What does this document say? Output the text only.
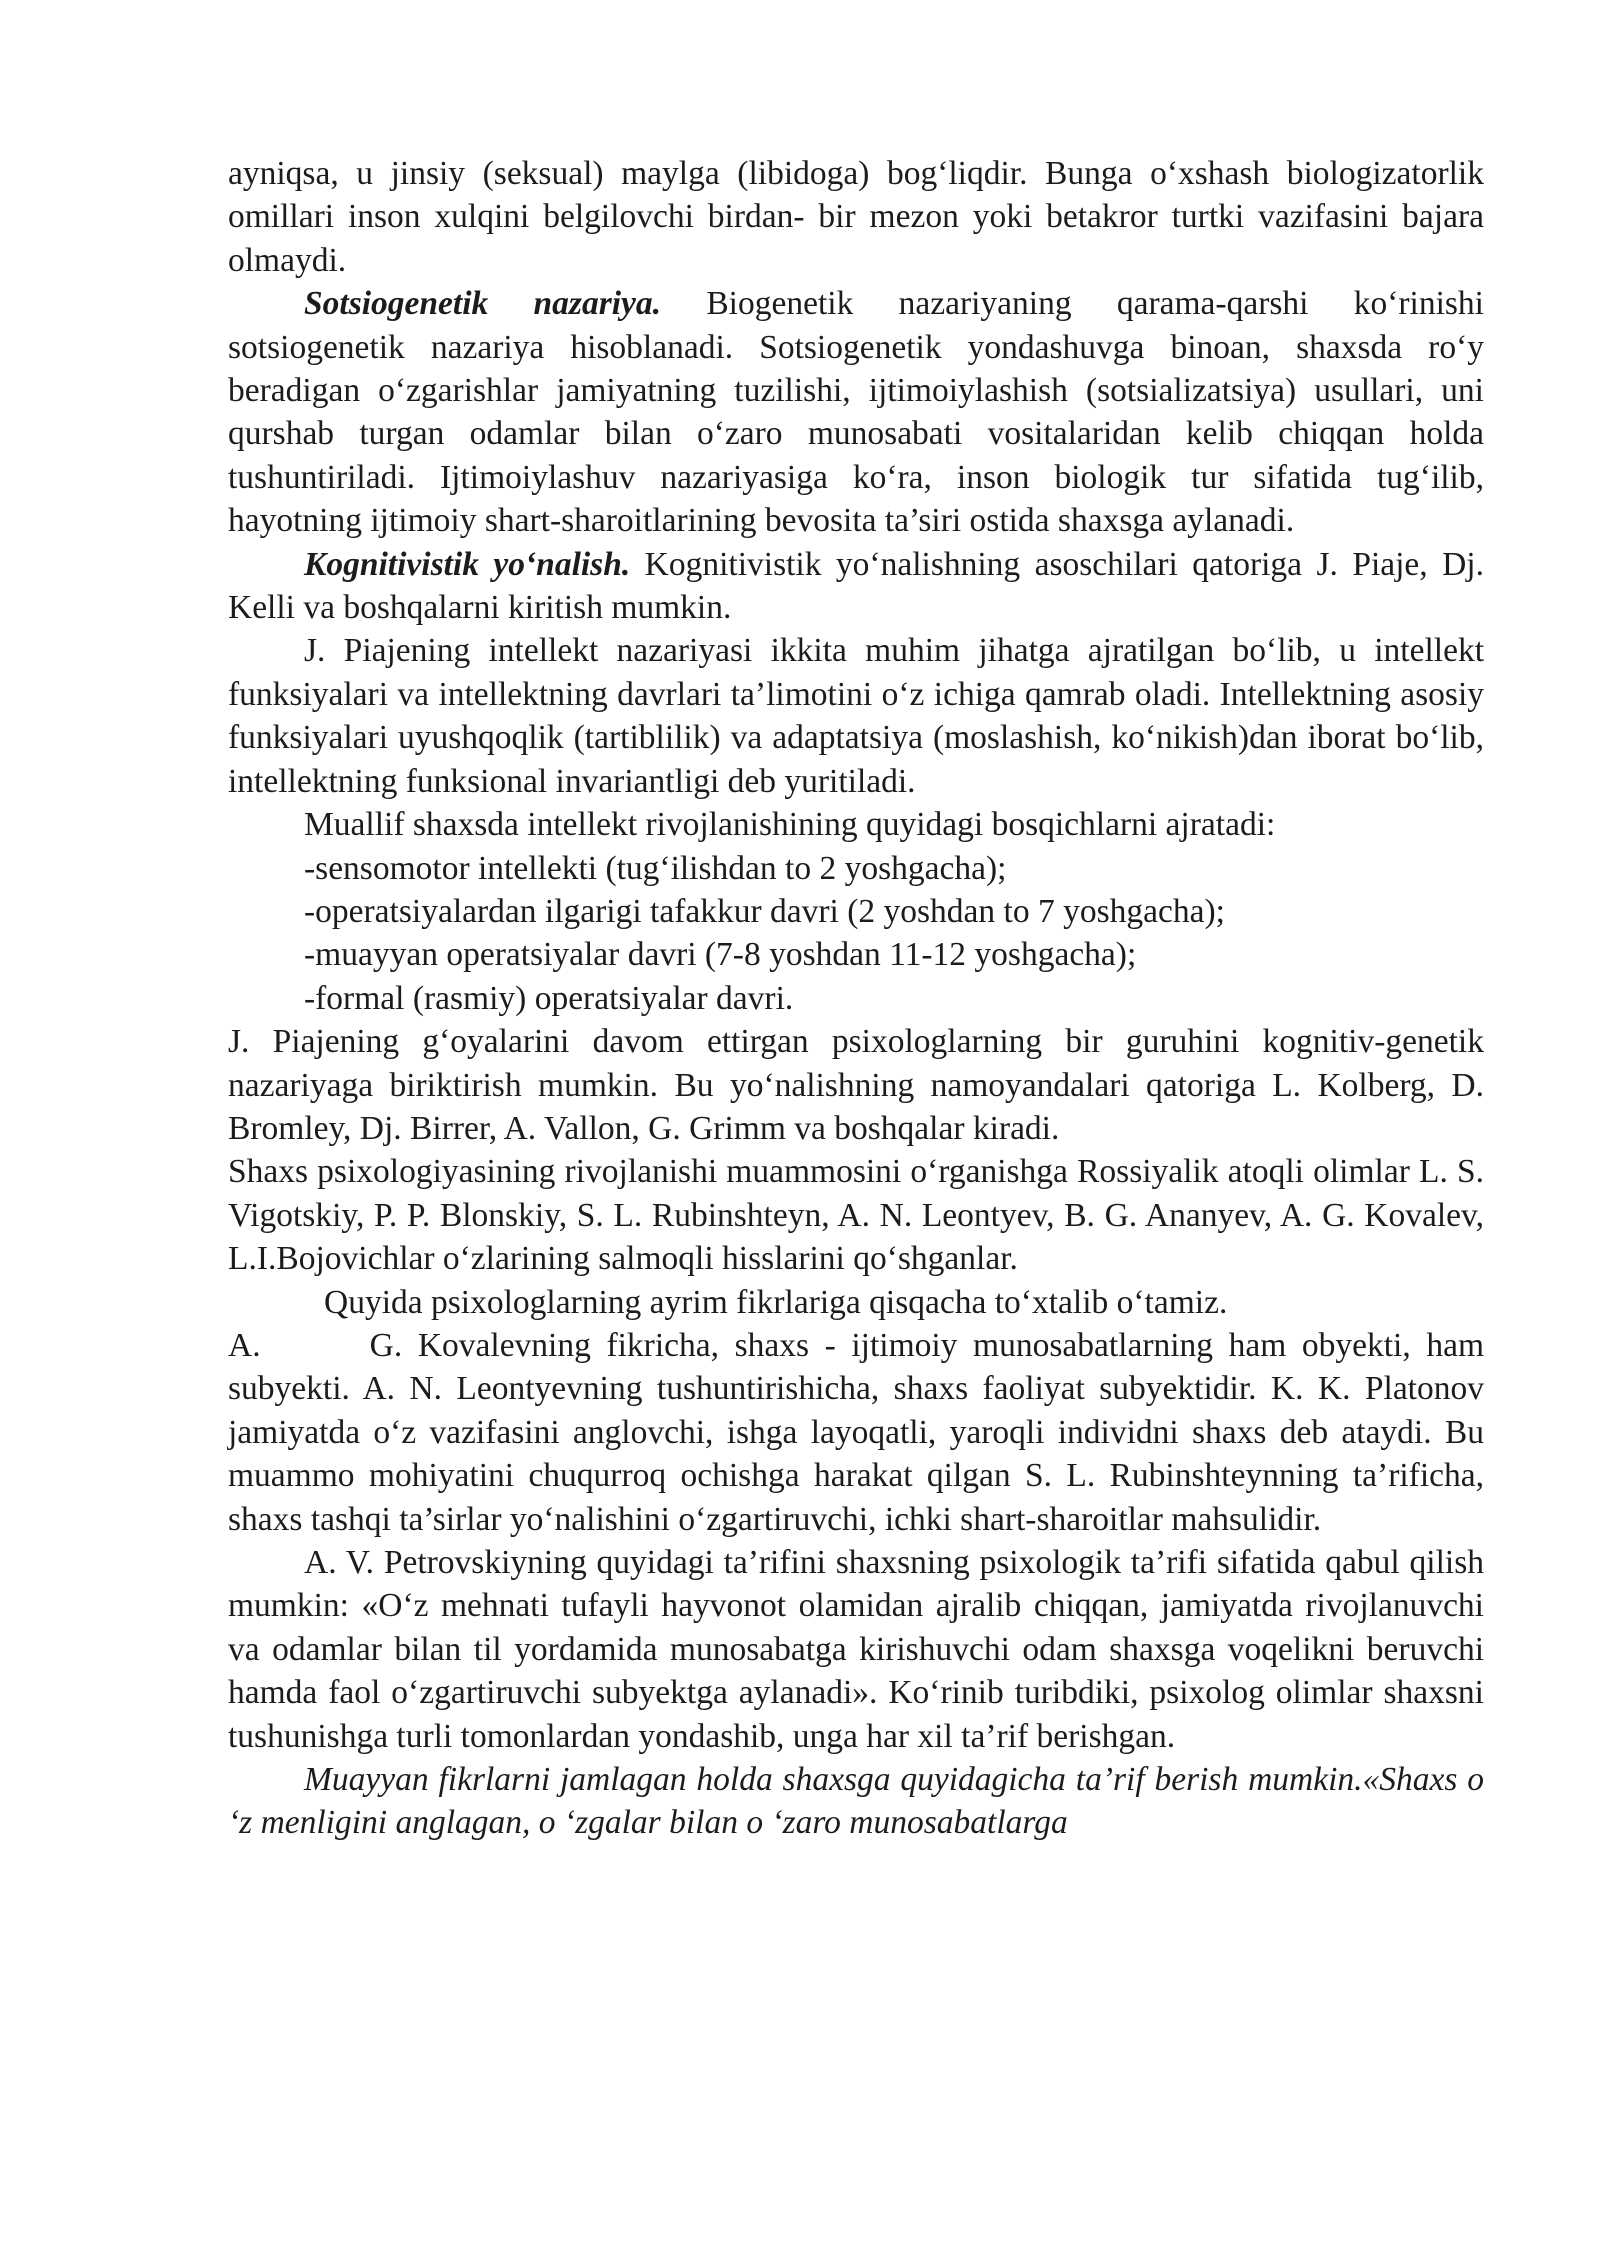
ayniqsa, u jinsiy (seksual) maylga (libidoga) bog‘liqdir. Bunga o‘xshash biologizatorlik omillari inson xulqini belgilovchi birdan- bir mezon yoki betakror turtki vazifasini bajara olmaydi.

Sotsiogenetik nazariya. Biogenetik nazariyaning qarama-qarshi ko‘rinishi sotsiogenetik nazariya hisoblanadi. Sotsiogenetik yondashuvga binoan, shaxsda ro‘y beradigan o‘zgarishlar jamiyatning tuzilishi, ijtimoiylashish (sotsializatsiya) usullari, uni qurshab turgan odamlar bilan o‘zaro munosabati vositalaridan kelib chiqqan holda tushuntiriladi. Ijtimoiylashuv nazariyasiga ko‘ra, inson biologik tur sifatida tug‘ilib, hayotning ijtimoiy shart-sharoitlarining bevosita ta’siri ostida shaxsga aylanadi.

Kognitivistik yo‘nalish. Kognitivistik yo‘nalishning asoschilari qatoriga J. Piaje, Dj. Kelli va boshqalarni kiritish mumkin.

J. Piajening intellekt nazariyasi ikkita muhim jihatga ajratilgan bo‘lib, u intellekt funksiyalari va intellektning davrlari ta’limotini o‘z ichiga qamrab oladi. Intellektning asosiy funksiyalari uyushqoqlik (tartiblilik) va adaptatsiya (moslashish, ko‘nikish)dan iborat bo‘lib, intellektning funksional invariantligi deb yuritiladi.

Muallif shaxsda intellekt rivojlanishining quyidagi bosqichlarni ajratadi:

-sensomotor intellekti (tug‘ilishdan to 2 yoshgacha);

-operatsiyalardan ilgarigi tafakkur davri (2 yoshdan to 7 yoshgacha);

-muayyan operatsiyalar davri (7-8 yoshdan 11-12 yoshgacha);

-formal (rasmiy) operatsiyalar davri.

J. Piajening g‘oyalarini davom ettirgan psixologlarning bir guruhini kognitiv-genetik nazariyaga biriktirish mumkin. Bu yo‘nalishning namoyandalari qatoriga L. Kolberg, D. Bromley, Dj. Birrer, A. Vallon, G. Grimm va boshqalar kiradi.

Shaxs psixologiyasining rivojlanishi muammosini o‘rganishga Rossiyalik atoqli olimlar L. S. Vigotskiy, P. P. Blonskiy, S. L. Rubinshteyn, A. N. Leontyev, B. G. Ananyev, A. G. Kovalev, L.I.Bojovichlar o‘zlarining salmoqli hisslarini qo‘shganlar.

Quyida psixologlarning ayrim fikrlariga qisqacha to‘xtalib o‘tamiz.

A.	G. Kovalevning fikricha, shaxs - ijtimoiy munosabatlarning ham obyekti, ham subyekti. A. N. Leontyevning tushuntirishicha, shaxs faoliyat subyektidir. K. K. Platonov jamiyatda o‘z vazifasini anglovchi, ishga layoqatli, yaroqli individni shaxs deb ataydi. Bu muammo mohiyatini chuqurroq ochishga harakat qilgan S. L. Rubinshteynning ta’rificha, shaxs tashqi ta’sirlar yo‘nalishini o‘zgartiruvchi, ichki shart-sharoitlar mahsulidir.

A. V. Petrovskiyning quyidagi ta’rifini shaxsning psixologik ta’rifi sifatida qabul qilish mumkin: «O‘z mehnati tufayli hayvonot olamidan ajralib chiqqan, jamiyatda rivojlanuvchi va odamlar bilan til yordamida munosabatga kirishuvchi odam shaxsga voqelikni beruvchi hamda faol o‘zgartiruvchi subyektga aylanadi». Ko‘rinib turibdiki, psixolog olimlar shaxsni tushunishga turli tomonlardan yondashib, unga har xil ta’rif berishgan.

Muayyan fikrlarni jamlagan holda shaxsga quyidagicha ta’rif berish mumkin.«Shaxs o ‘z menligini anglagan, o ‘zgalar bilan o ‘zaro munosabatlarga
